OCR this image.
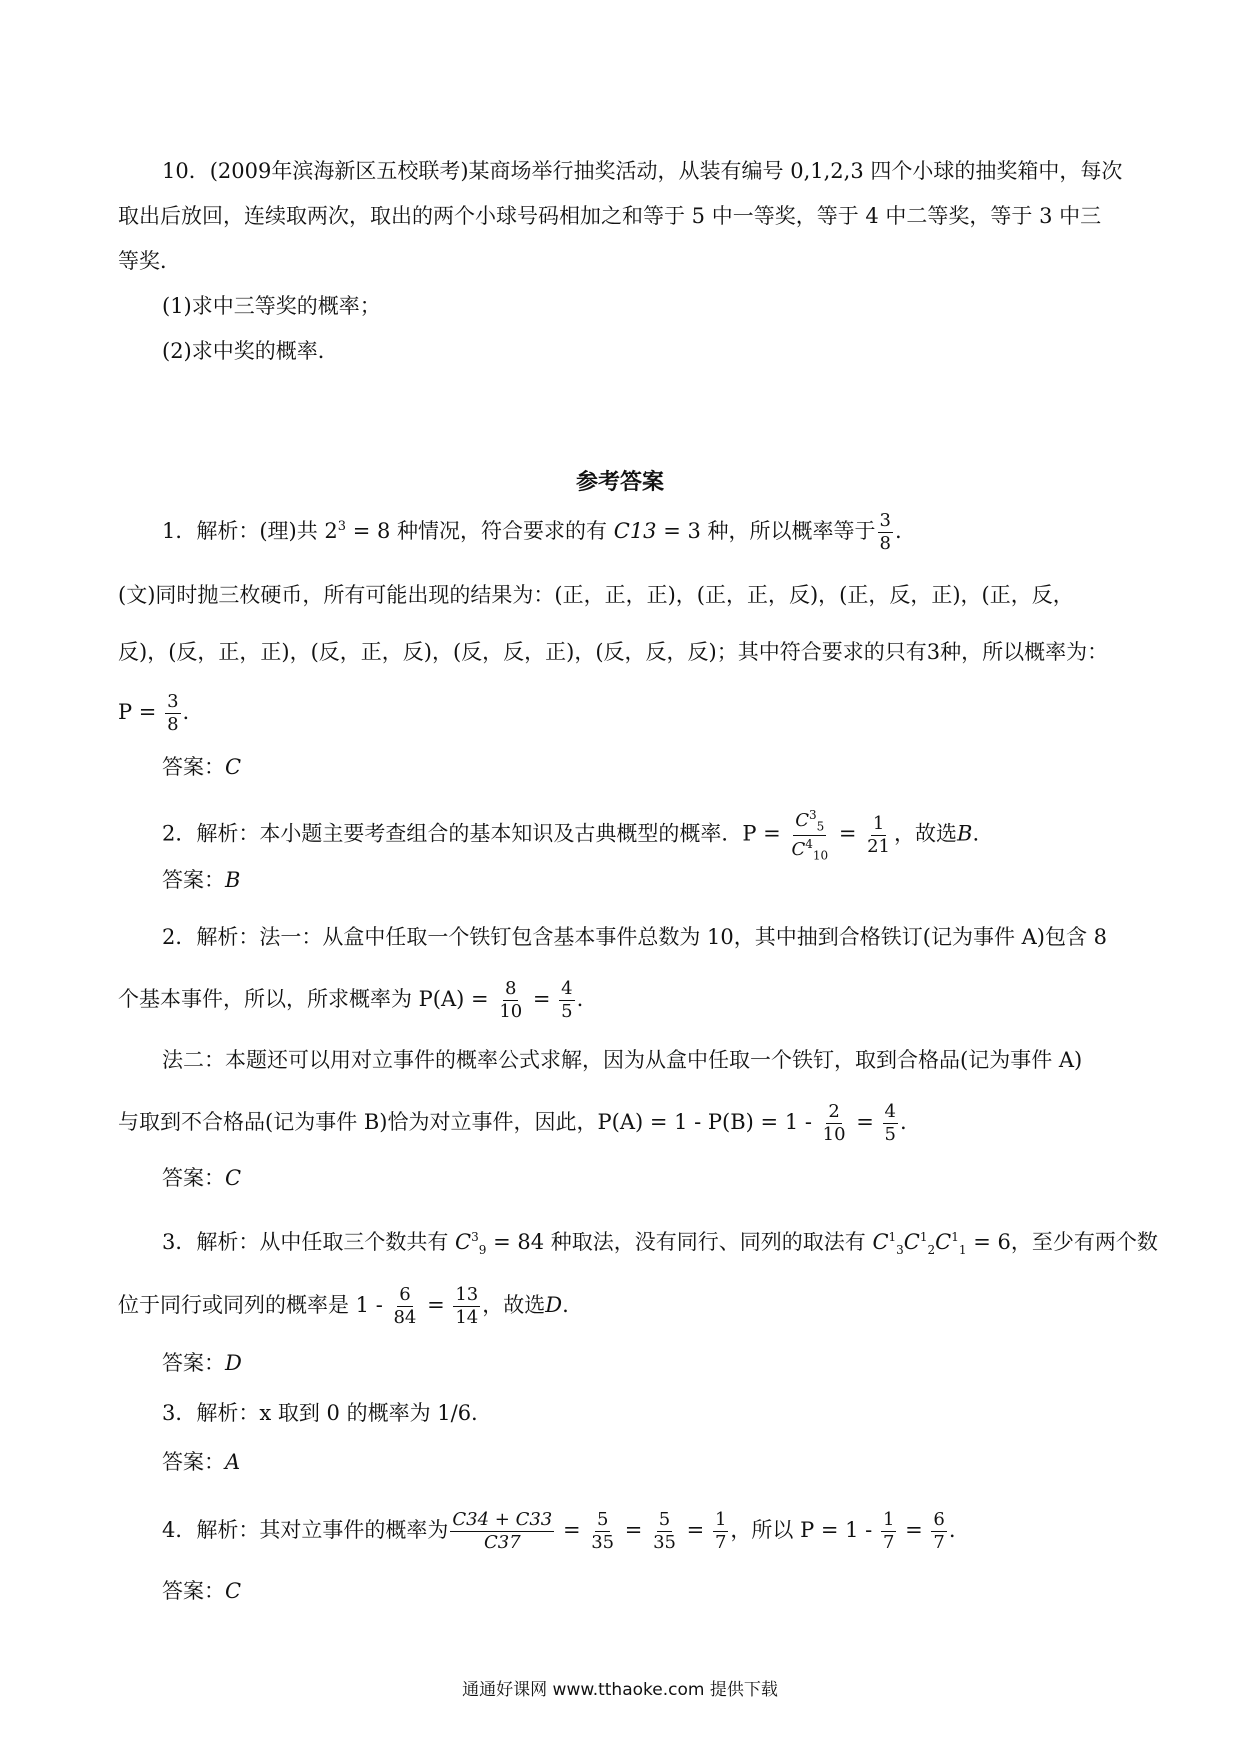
10．(2009年滨海新区五校联考)某商场举行抽奖活动，从装有编号 0,1,2,3 四个小球的抽奖箱中，每次
取出后放回，连续取两次，取出的两个小球号码相加之和等于 5 中一等奖，等于 4 中二等奖，等于 3 中三
等奖．
(1)求中三等奖的概率；
(2)求中奖的概率．
参考答案
1．解析：(理)共 $2^3 = 8$ 种情况，符合要求的有 C13 = 3 种，所以概率等于 $\frac{3}{8}$ .
(文)同时抛三枚硬币，所有可能出现的结果为：(正，正，正)，(正，正，反)，(正，反，正)，(正，反，
反)，(反，正，正)，(反，正，反)，(反，反，正)，(反，反，反)；其中符合要求的只有3种，所以概率为：
$P = \frac{3}{8}$ .
答案：C
2．解析：本小题主要考查组合的基本知识及古典概型的概率．$P = \frac{C^3_5}{C^4_{10}} = \frac{1}{21}$ ，故选B.
答案：B
2．解析：法一：从盒中任取一个铁钉包含基本事件总数为 10，其中抽到合格铁订(记为事件 A)包含 8
个基本事件，所以，所求概率为 $P(A) = \frac{8}{10} = \frac{4}{5}$ .
法二：本题还可以用对立事件的概率公式求解，因为从盒中任取一个铁钉，取到合格品(记为事件 A)
与取到不合格品(记为事件 B)恰为对立事件，因此，$P(A) = 1 - P(B) = 1 - \frac{2}{10} = \frac{4}{5}$ .
答案：C
3．解析：从中任取三个数共有 $C^3_9 = 84$ 种取法，没有同行、同列的取法有 $C^1_3C^1_2C^1_1 = 6$，至少有两个数
位于同行或同列的概率是 $1 - \frac{6}{84} = \frac{13}{14}$ ，故选D.
答案：D
3．解析：x 取到 0 的概率为 1/6.
答案：A
4．解析：其对立事件的概率为 $\frac{C34 + C33}{C37} = \frac{5}{35} = \frac{5}{35} = \frac{1}{7}$ ，所以 $P = 1 - \frac{1}{7} = \frac{6}{7}$ .
答案：C
通通好课网 www.tthaoke.com 提供下载
